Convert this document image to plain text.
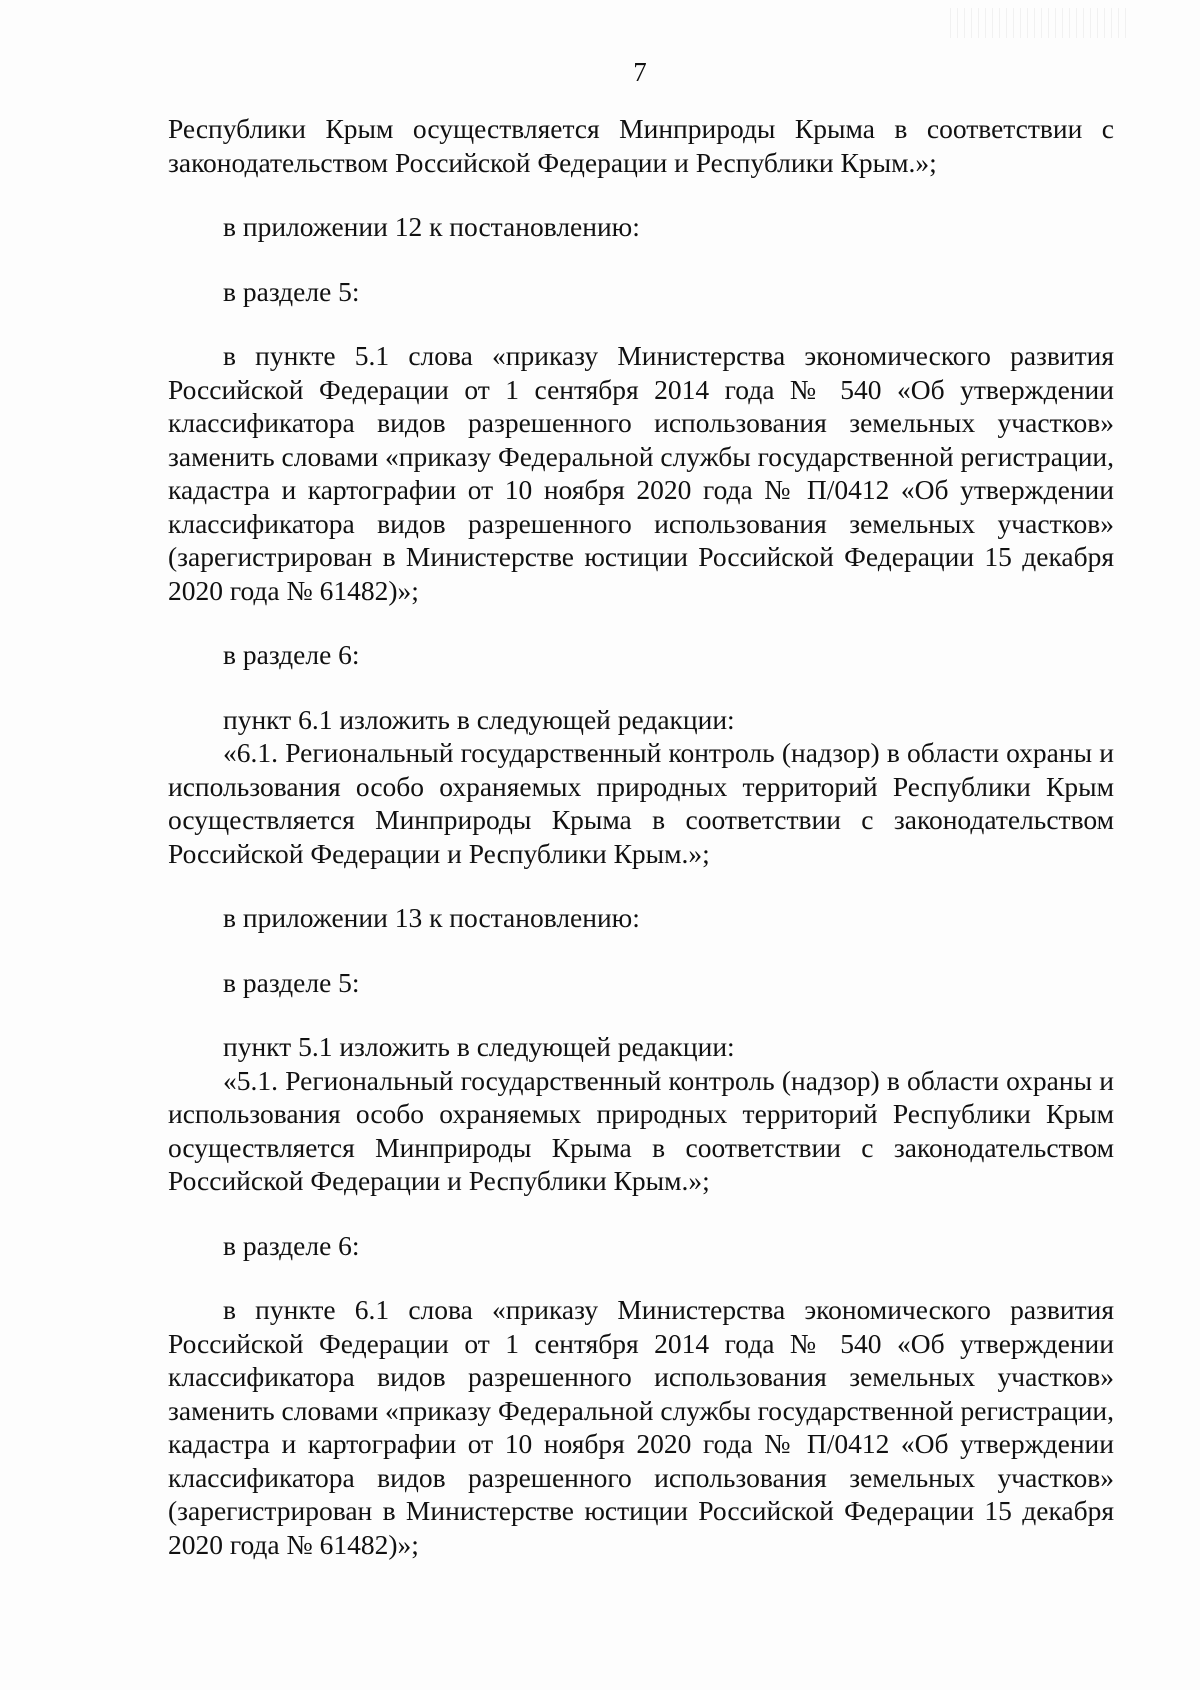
7

Республики Крым осуществляется Минприроды Крыма в соответствии с законодательством Российской Федерации и Республики Крым.»;

в приложении 12 к постановлению:

в разделе 5:

в пункте 5.1 слова «приказу Министерства экономического развития Российской Федерации от 1 сентября 2014 года № 540 «Об утверждении классификатора видов разрешенного использования земельных участков» заменить словами «приказу Федеральной службы государственной регистрации, кадастра и картографии от 10 ноября 2020 года № П/0412 «Об утверждении классификатора видов разрешенного использования земельных участков» (зарегистрирован в Министерстве юстиции Российской Федерации 15 декабря 2020 года № 61482)»;

в разделе 6:

пункт 6.1 изложить в следующей редакции:

«6.1. Региональный государственный контроль (надзор) в области охраны и использования особо охраняемых природных территорий Республики Крым осуществляется Минприроды Крыма в соответствии с законодательством Российской Федерации и Республики Крым.»;

в приложении 13 к постановлению:

в разделе 5:

пункт 5.1 изложить в следующей редакции:

«5.1. Региональный государственный контроль (надзор) в области охраны и использования особо охраняемых природных территорий Республики Крым осуществляется Минприроды Крыма в соответствии с законодательством Российской Федерации и Республики Крым.»;

в разделе 6:

в пункте 6.1 слова «приказу Министерства экономического развития Российской Федерации от 1 сентября 2014 года № 540 «Об утверждении классификатора видов разрешенного использования земельных участков» заменить словами «приказу Федеральной службы государственной регистрации, кадастра и картографии от 10 ноября 2020 года № П/0412 «Об утверждении классификатора видов разрешенного использования земельных участков» (зарегистрирован в Министерстве юстиции Российской Федерации 15 декабря 2020 года № 61482)»;
